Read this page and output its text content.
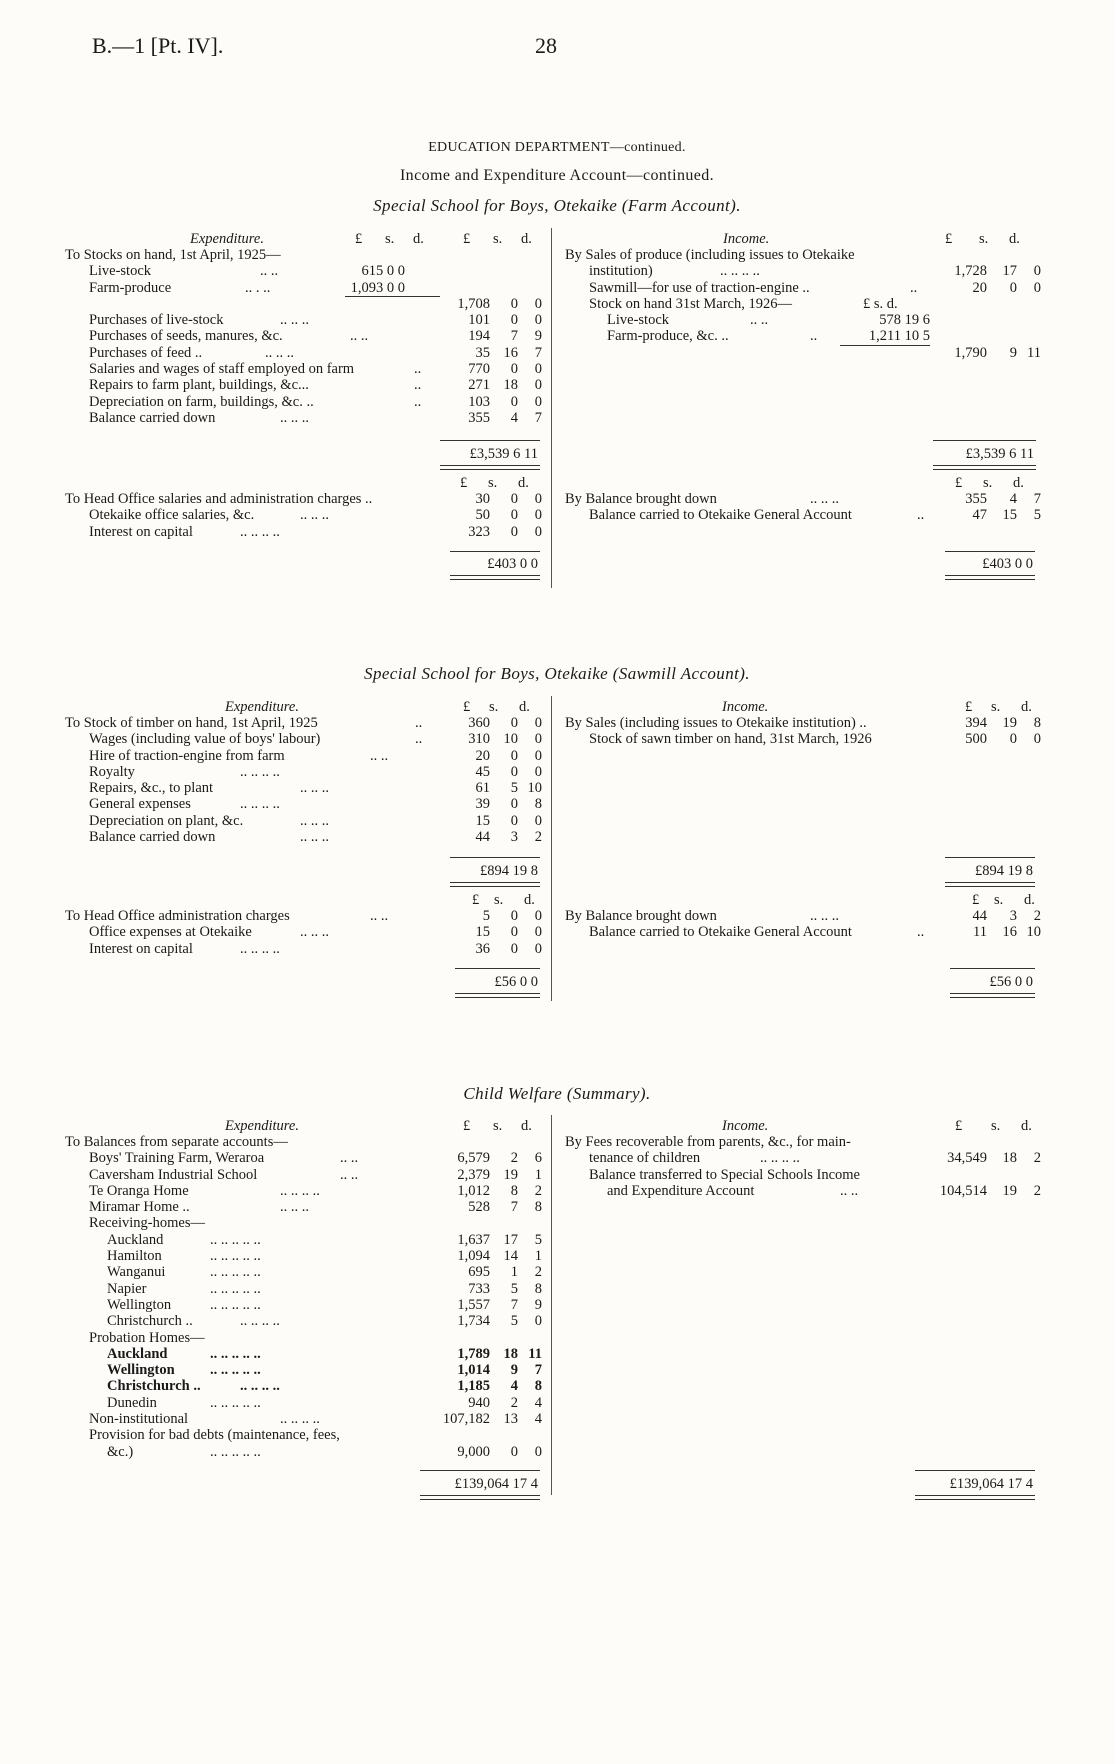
B.—1 [Pt. IV].	28
EDUCATION DEPARTMENT—continued.
Income and Expenditure Account—continued.
Special School for Boys, Otekaike (Farm Account).
Expenditure.	£ s. d.	£ s. d.	Income.	£ s. d.
To Stocks on hand, 1st April, 1925—
Live-stock	.. ..	615 0 0
Farm-produce	.. . ..	1,093 0 0
1,708	0	0
Purchases of live-stock	.. .. ..	101	0	0
Purchases of seeds, manures, &c.	.. ..	194	7	9
Purchases of feed ..	.. .. ..	35 16	7
Salaries and wages of staff employed on farm	..	770	0	0
Repairs to farm plant, buildings, &c...	..	271 18	0
Depreciation on farm, buildings, &c. ..	..	103	0	0
Balance carried down	.. .. ..	355	4	7
£3,539 6 11
By Sales of produce (including issues to Otekaike
institution)	.. .. .. ..	1,728	17	0
Sawmill—for use of traction-engine ..	..	20	0	0
Stock on hand 31st March, 1926—	£ s. d.
Live-stock	.. ..	578 19 6
Farm-produce, &c. ..	..	1,211 10 5
1,790	9 11
£3,539 6 11
£ s. d.	£ s. d.
To Head Office salaries and administration charges ..	30	0	0
Otekaike office salaries, &c.	.. .. ..	50	0	0
Interest on capital	.. .. .. ..	323	0	0
£403 0 0
By Balance brought down	.. .. ..	355	4	7
Balance carried to Otekaike General Account	..	47	15	5
£403 0 0
Special School for Boys, Otekaike (Sawmill Account).
Expenditure.	£ s. d.	Income.	£ s. d.
To Stock of timber on hand, 1st April, 1925	..	360	0	0
Wages (including value of boys' labour)	..	310 10	0
Hire of traction-engine from farm	.. ..	20	0	0
Royalty	.. .. .. ..	45	0	0
Repairs, &c., to plant	.. .. ..	61	5 10
General expenses	.. .. .. ..	39	0	8
Depreciation on plant, &c.	.. .. ..	15	0	0
Balance carried down	.. .. ..	44	3	2
£894 19 8
By Sales (including issues to Otekaike institution) ..	394	19	8
Stock of sawn timber on hand, 31st March, 1926	500	0	0
£894 19 8
£ s. d.	£ s. d.
To Head Office administration charges	.. ..	5	0	0
Office expenses at Otekaike	.. .. ..	15	0	0
Interest on capital	.. .. .. ..	36	0	0
£56 0 0
By Balance brought down	.. .. ..	44	3	2
Balance carried to Otekaike General Account	..	11	16 10
£56 0 0
Child Welfare (Summary).
Expenditure.	£ s. d.	Income.	£ s. d.
To Balances from separate accounts—
Boys' Training Farm, Weraroa	.. ..	6,579	2	6
Caversham Industrial School	.. ..	2,379 19	1
Te Oranga Home	.. .. .. ..	1,012	8	2
Miramar Home ..	.. .. ..	528	7	8
Receiving-homes—
Auckland	.. .. .. .. ..	1,637 17	5
Hamilton	.. .. .. .. ..	1,094 14	1
Wanganui	.. .. .. .. ..	695	1	2
Napier	.. .. .. .. ..	733	5	8
Wellington	.. .. .. .. ..	1,557	7	9
Christchurch ..	.. .. .. ..	1,734	5	0
Probation Homes—
Auckland	.. .. .. .. ..	1,789 18 11
Wellington .. .. .. .. ..	1,014	9	7
Christchurch ..	.. .. .. ..	1,185	4	8
Dunedin	.. .. .. .. ..	940	2	4
Non-institutional	.. .. .. ..	107,182 13	4
Provision for bad debts (maintenance, fees,
&c.)	.. .. .. .. ..	9,000	0	0
£139,064 17 4
By Fees recoverable from parents, &c., for main-
tenance of children	.. .. .. ..	34,549	18	2
Balance transferred to Special Schools Income
and Expenditure Account	.. ..	104,514	19	2
£139,064 17 4
